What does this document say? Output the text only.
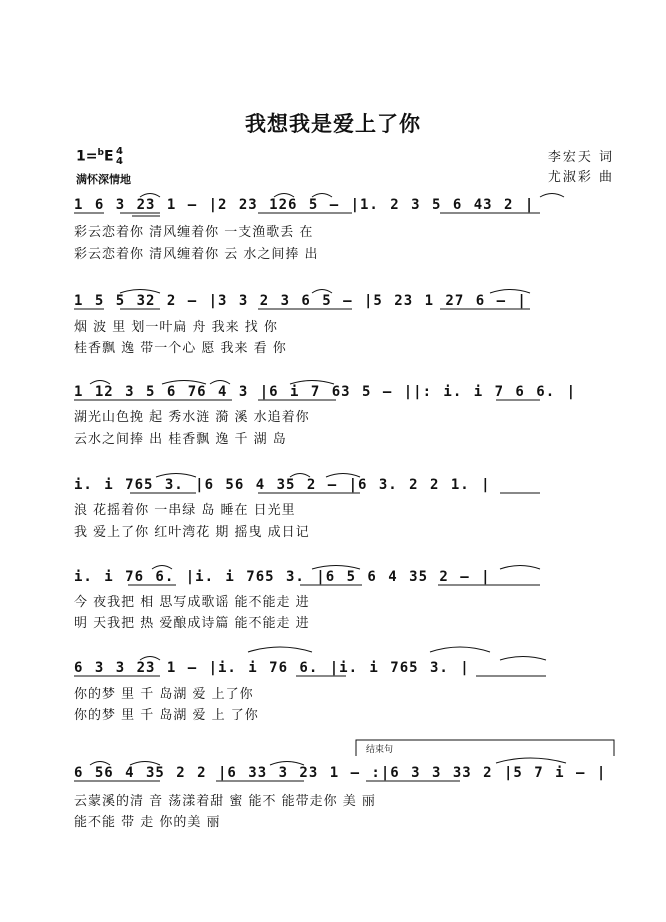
我想我是爱上了你
李宏天 词
尤淑彩 曲
1=$^b$E 4
4
满怀深情地
1 6 3 23 1 – |2 23 126 5 – |1. 2 3 5 6 43 2 |
彩云恋着你 清风缠着你 一支渔歌丢 在
彩云恋着你 清风缠着你 云 水之间捧 出
1 5 5 32 2 – |3 3 2 3 6 5 – |5 23 1 27 6 – |
烟 波 里 划一叶扁 舟 我来 找 你
桂香飘 逸 带一个心 愿 我来 看 你
1 12 3 5 6 76 4 3 |6 i 7 63 5 – ||: i. i 7 6 6. |
湖光山色挽 起 秀水涟 漪 溪 水追着你
云水之间捧 出 桂香飘 逸 千 湖 岛
i. i 765 3. |6 56 4 35 2 – |6 3. 2 2 1. |
浪 花摇着你 一串绿 岛 睡在 日光里
我 爱上了你 红叶湾花 期 摇曳 成日记
i. i 76 6. |i. i 765 3. |6 5 6 4 35 2 – |
今 夜我把 相 思写成歌谣 能不能走 进
明 天我把 热 爱酿成诗篇 能不能走 进
6 3 3 23 1 – |i. i 76 6. |i. i 765 3. |
你的梦 里 千 岛湖 爱 上了你
你的梦 里 千 岛湖 爱 上 了你
结束句
6 56 4 35 2 2 |6 33 3 23 1 – :|6 3 3 33 2 |5 7 i – |
云蒙溪的清 音 荡漾着甜 蜜 能不 能带走你 美 丽
能不能 带 走 你的美 丽
